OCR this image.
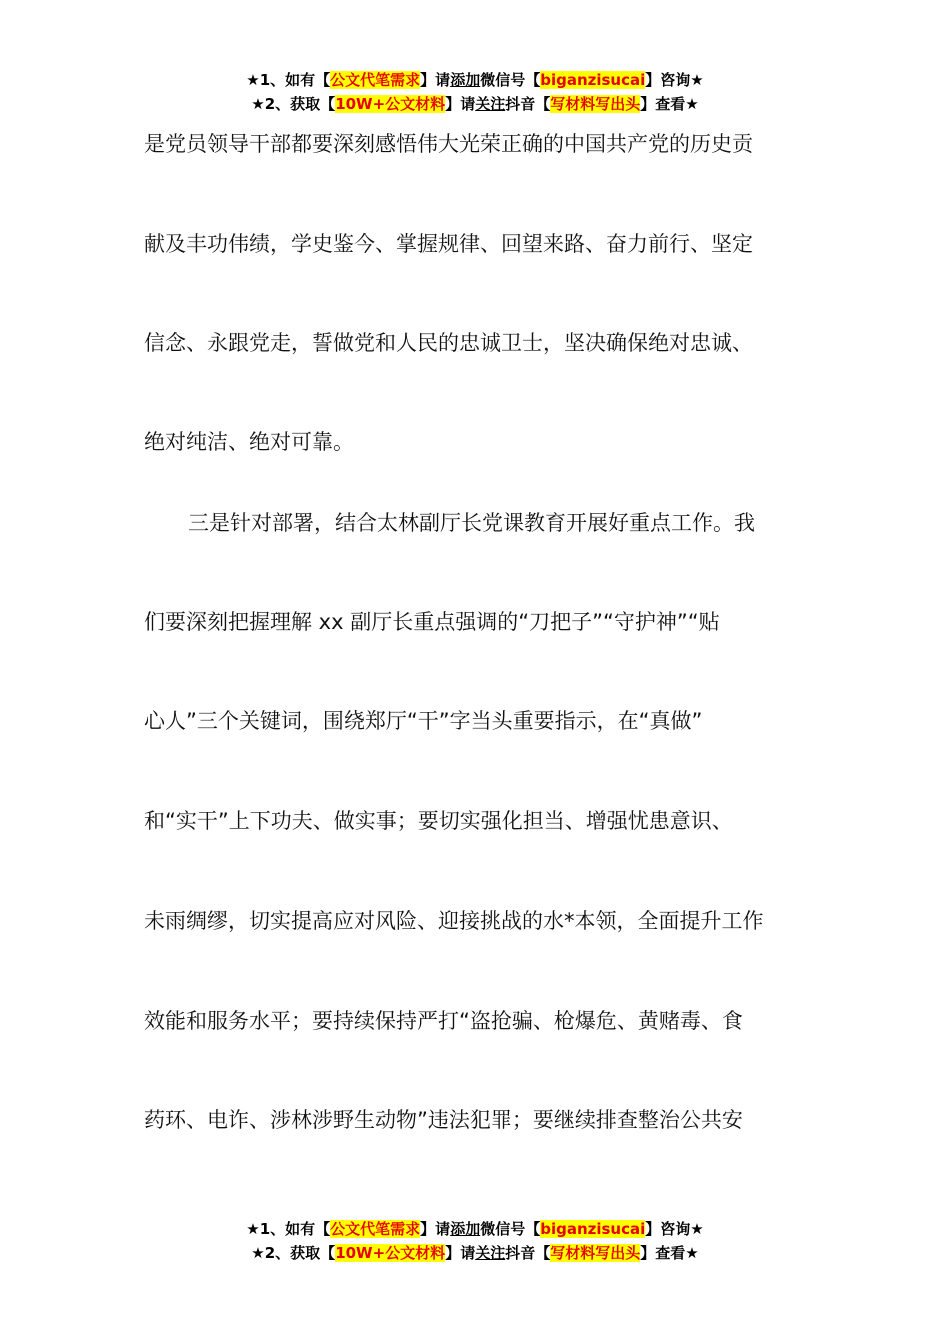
★1、如有【公文代笔需求】请添加微信号【biganzisucai】咨询★
★2、获取【10W+公文材料】请关注抖音【写材料写出头】查看★
是党员领导干部都要深刻感悟伟大光荣正确的中国共产党的历史贡
献及丰功伟绩，学史鉴今、掌握规律、回望来路、奋力前行、坚定
信念、永跟党走，誓做党和人民的忠诚卫士，坚决确保绝对忠诚、
绝对纯洁、绝对可靠。
三是针对部署，结合太林副厅长党课教育开展好重点工作。我
们要深刻把握理解 xx 副厅长重点强调的“刀把子”“守护神”“贴
心人”三个关键词，围绕郑厅“干”字当头重要指示，在“真做”
和“实干”上下功夫、做实事；要切实强化担当、增强忧患意识、
未雨绸缪，切实提高应对风险、迎接挑战的水*本领，全面提升工作
效能和服务水平；要持续保持严打“盗抢骗、枪爆危、黄赌毒、食
药环、电诈、涉林涉野生动物”违法犯罪；要继续排查整治公共安
★1、如有【公文代笔需求】请添加微信号【biganzisucai】咨询★
★2、获取【10W+公文材料】请关注抖音【写材料写出头】查看★
